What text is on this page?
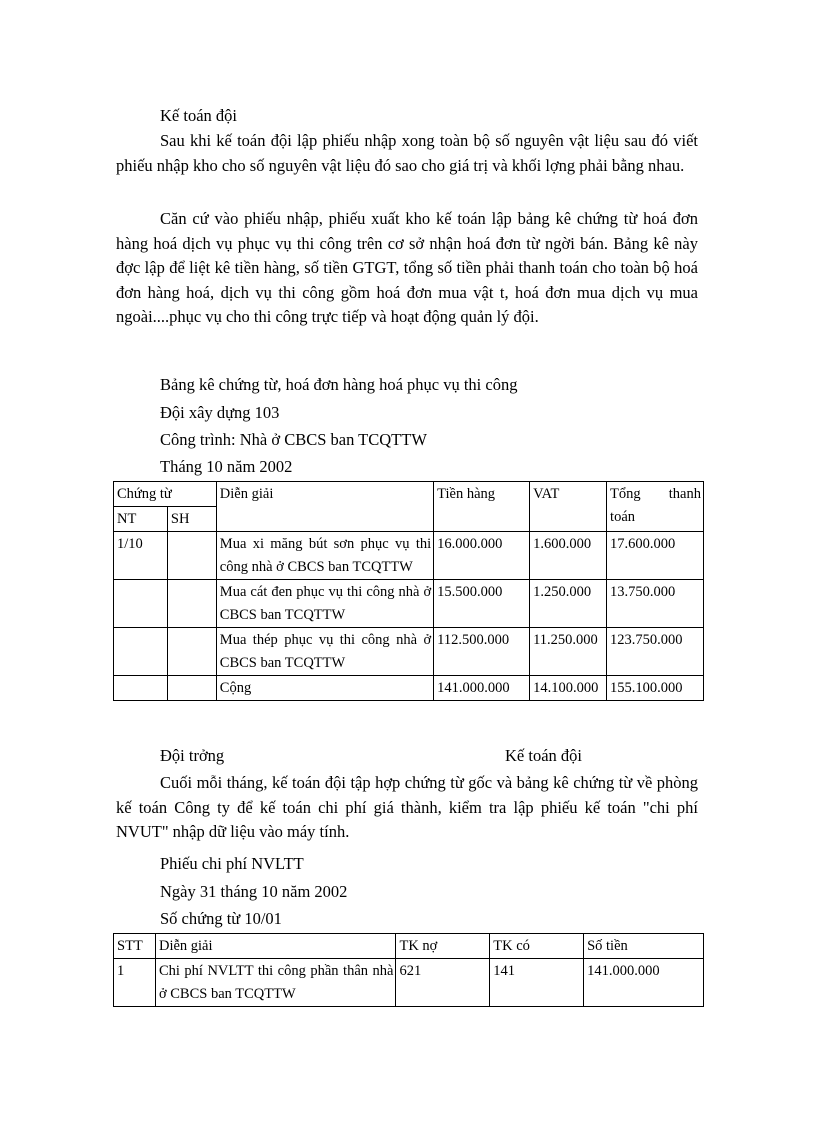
Kế toán đội
Sau khi kế toán đội lập phiếu nhập xong toàn bộ số nguyên vật liệu sau đó viết phiếu nhập kho cho số nguyên vật liệu đó sao cho giá trị và khối lợng phải bằng nhau.
Căn cứ vào phiếu nhập, phiếu xuất kho kế toán lập bảng kê chứng từ hoá đơn hàng hoá dịch vụ phục vụ thi công trên cơ sở nhận hoá đơn từ ngời bán. Bảng kê này đợc lập để liệt kê tiền hàng, số tiền GTGT, tổng số tiền phải thanh toán cho toàn bộ hoá đơn hàng hoá, dịch vụ thi công gồm hoá đơn mua vật t, hoá đơn mua dịch vụ mua ngoài....phục vụ cho thi công trực tiếp và hoạt động quản lý đội.
Bảng kê chứng từ, hoá đơn hàng hoá phục vụ thi công
Đội xây dựng 103
Công trình: Nhà ở CBCS ban TCQTTW
Tháng 10 năm 2002
Chứng từ		Diễn giải	Tiền hàng	VAT	Tổng thanh
toán

NT	SH				
1/10		Mua xi măng bút sơn phục vụ thi công nhà ở CBCS ban TCQTTW	16.000.000	1.600.000	17.600.000
		Mua cát đen phục vụ thi công nhà ở CBCS ban TCQTTW	15.500.000	1.250.000	13.750.000
		Mua thép phục vụ thi công nhà ở CBCS ban TCQTTW	112.500.000	11.250.000	123.750.000
		Cộng	141.000.000	14.100.000	155.100.000
Đội trởng	Kế toán đội
Cuối mỗi tháng, kế toán đội tập hợp chứng từ gốc và bảng kê chứng từ về phòng kế toán Công ty để kế toán chi phí giá thành, kiểm tra lập phiếu kế toán "chi phí NVUT" nhập dữ liệu vào máy tính.
Phiếu chi phí NVLTT
Ngày 31 tháng 10 năm 2002
Số chứng từ 10/01
STT	Diễn giải	TK nợ	TK có	Số tiền
1	Chi phí NVLTT thi công phần thân nhà ở CBCS ban TCQTTW	621	141	141.000.000
